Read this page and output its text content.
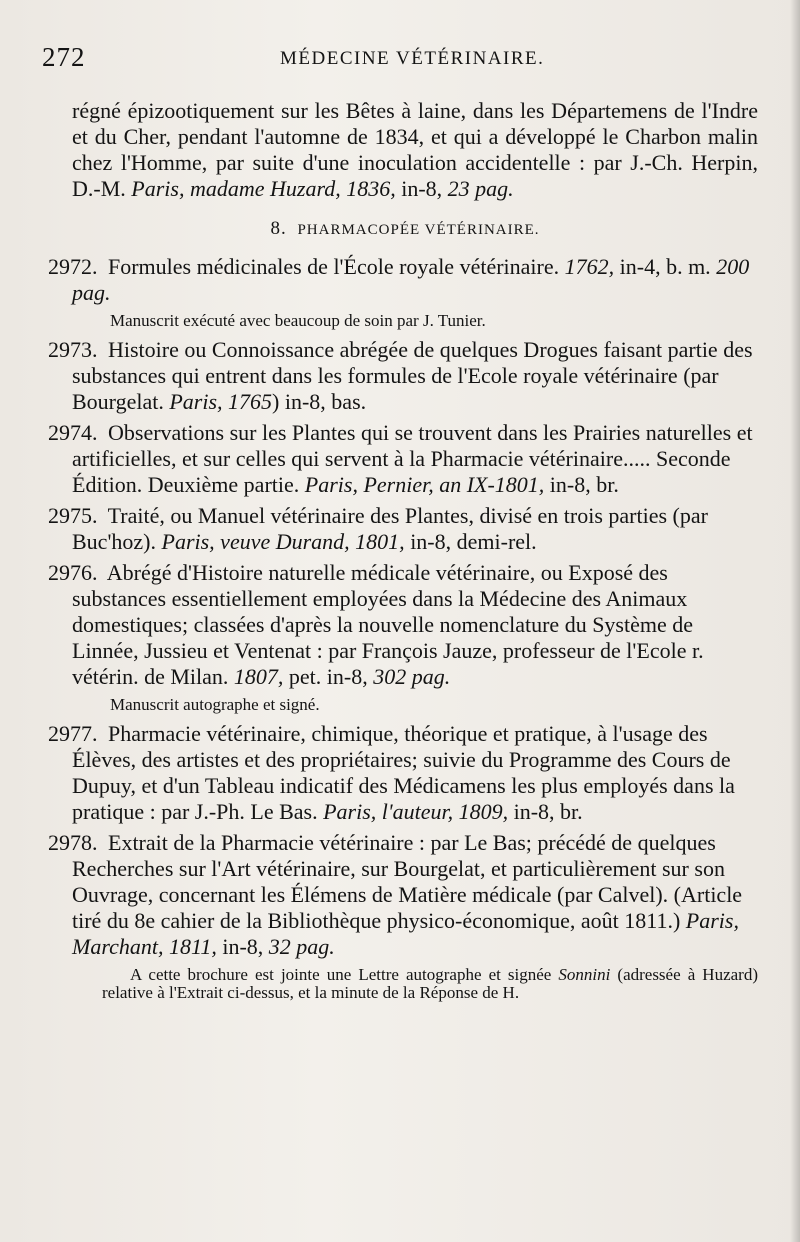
272	MÉDECINE VÉTÉRINAIRE.

régné épizootiquement sur les Bêtes à laine, dans les Départemens de l'Indre et du Cher, pendant l'automne de 1834, et qui a développé le Charbon malin chez l'Homme, par suite d'une inoculation accidentelle : par J.-Ch. Herpin, D.-M. Paris, madame Huzard, 1836, in-8, 23 pag.

8. PHARMACOPÉE VÉTÉRINAIRE.

2972. Formules médicinales de l'École royale vétérinaire. 1762, in-4, b. m. 200 pag.

Manuscrit exécuté avec beaucoup de soin par J. Tunier.

2973. Histoire ou Connoissance abrégée de quelques Drogues faisant partie des substances qui entrent dans les formules de l'Ecole royale vétérinaire (par Bourgelat. Paris, 1765) in-8, bas.

2974. Observations sur les Plantes qui se trouvent dans les Prairies naturelles et artificielles, et sur celles qui servent à la Pharmacie vétérinaire..... Seconde Édition. Deuxième partie. Paris, Pernier, an IX-1801, in-8, br.

2975. Traité, ou Manuel vétérinaire des Plantes, divisé en trois parties (par Buc'hoz). Paris, veuve Durand, 1801, in-8, demi-rel.

2976. Abrégé d'Histoire naturelle médicale vétérinaire, ou Exposé des substances essentiellement employées dans la Médecine des Animaux domestiques; classées d'après la nouvelle nomenclature du Système de Linnée, Jussieu et Ventenat : par François Jauze, professeur de l'Ecole r. vétérin. de Milan. 1807, pet. in-8, 302 pag.

Manuscrit autographe et signé.

2977. Pharmacie vétérinaire, chimique, théorique et pratique, à l'usage des Élèves, des artistes et des propriétaires; suivie du Programme des Cours de Dupuy, et d'un Tableau indicatif des Médicamens les plus employés dans la pratique : par J.-Ph. Le Bas. Paris, l'auteur, 1809, in-8, br.

2978. Extrait de la Pharmacie vétérinaire : par Le Bas; précédé de quelques Recherches sur l'Art vétérinaire, sur Bourgelat, et particulièrement sur son Ouvrage, concernant les Élémens de Matière médicale (par Calvel). (Article tiré du 8e cahier de la Bibliothèque physico-économique, août 1811.) Paris, Marchant, 1811, in-8, 32 pag.

A cette brochure est jointe une Lettre autographe et signée Sonnini (adressée à Huzard) relative à l'Extrait ci-dessus, et la minute de la Réponse de H.
